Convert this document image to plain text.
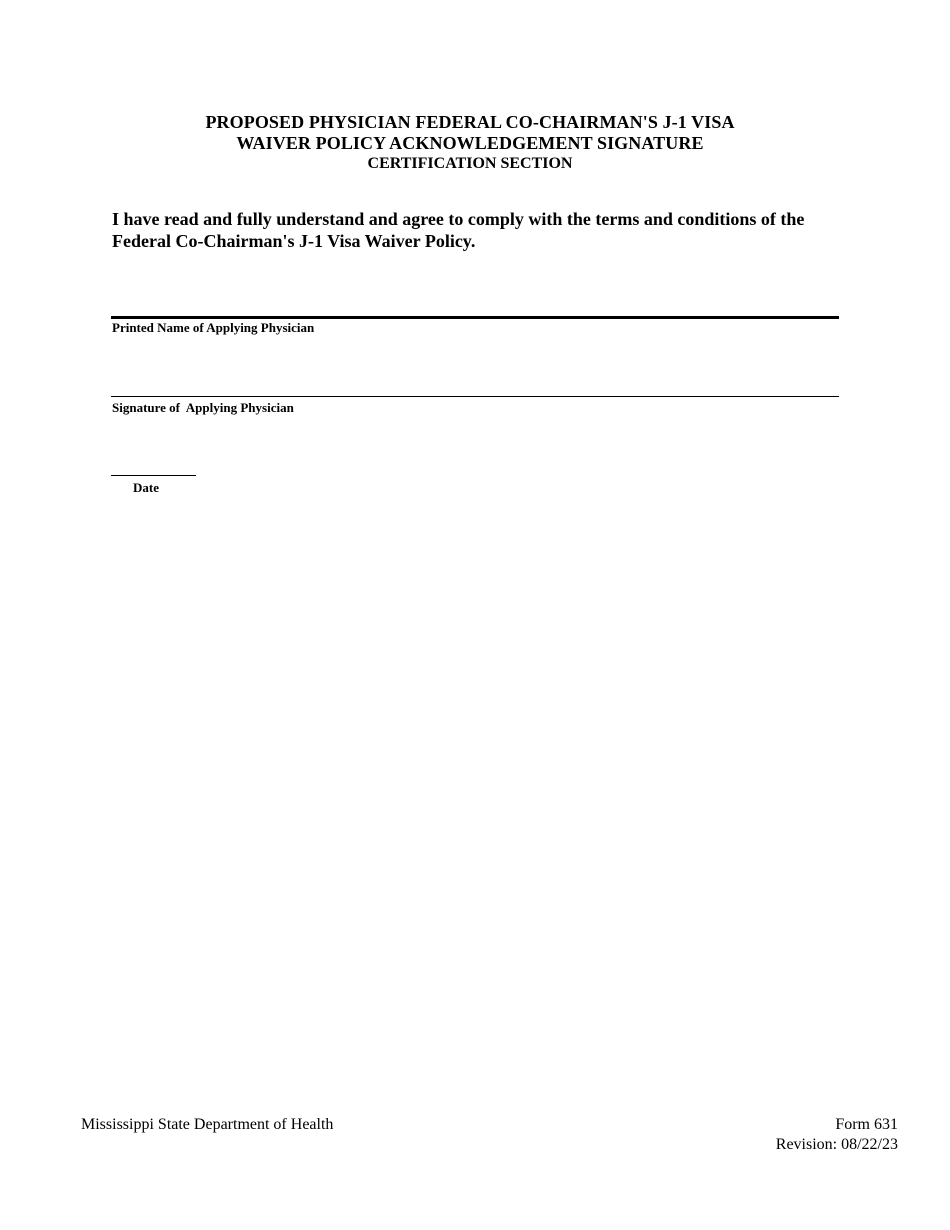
PROPOSED PHYSICIAN FEDERAL CO-CHAIRMAN'S J-1 VISA
WAIVER POLICY ACKNOWLEDGEMENT SIGNATURE
CERTIFICATION SECTION
I have read and fully understand and agree to comply with the terms and conditions of the
Federal Co-Chairman's J-1 Visa Waiver Policy.
Printed Name of Applying Physician
Signature of  Applying Physician
Date
Mississippi State Department of Health	Form 631
Revision: 08/22/23
